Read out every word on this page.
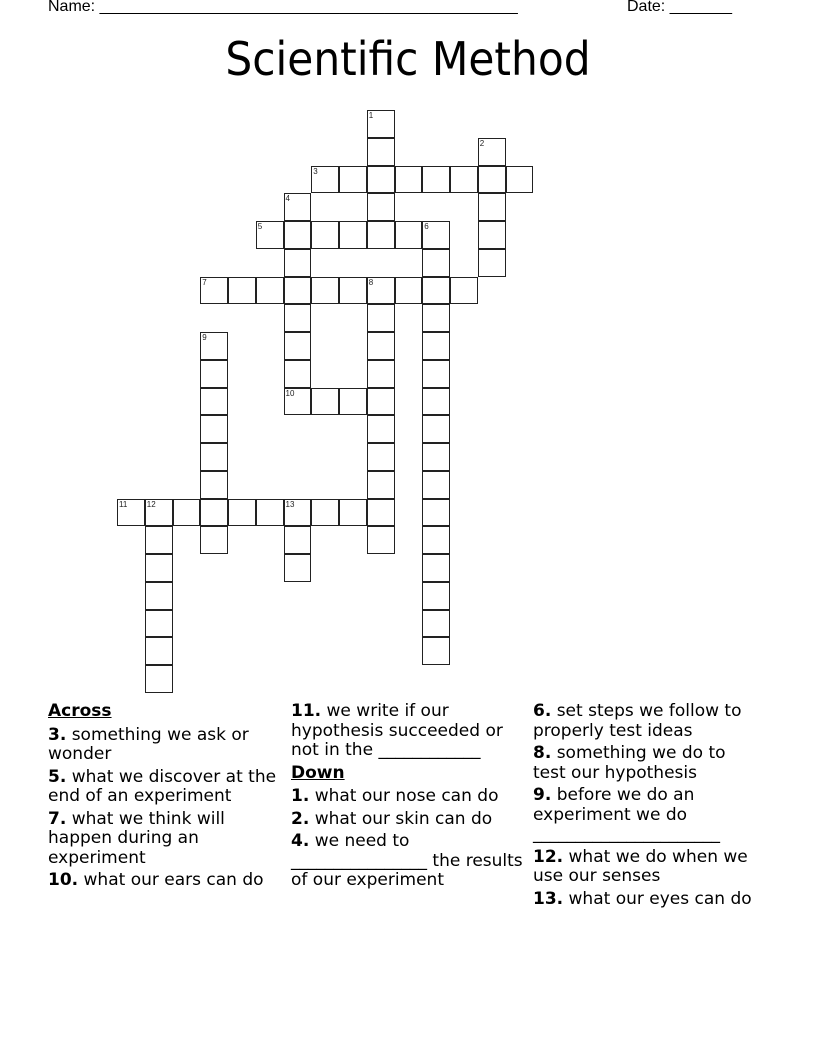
Name: _______________________________________________	Date: _______
Scientific Method
1
2
3
4
5	6
7	8
9
10
11 12	13
Across
3. something we ask or wonder
5. what we discover at the end of an experiment
7. what we think will happen during an experiment
10. what our ears can do
11. we write if our hypothesis succeeded or not in the ____________
Down
1. what our nose can do
2. what our skin can do
4. we need to ________________ the results of our experiment
6. set steps we follow to properly test ideas
8. something we do to test our hypothesis
9. before we do an experiment we do ______________________
12. what we do when we use our senses
13. what our eyes can do
